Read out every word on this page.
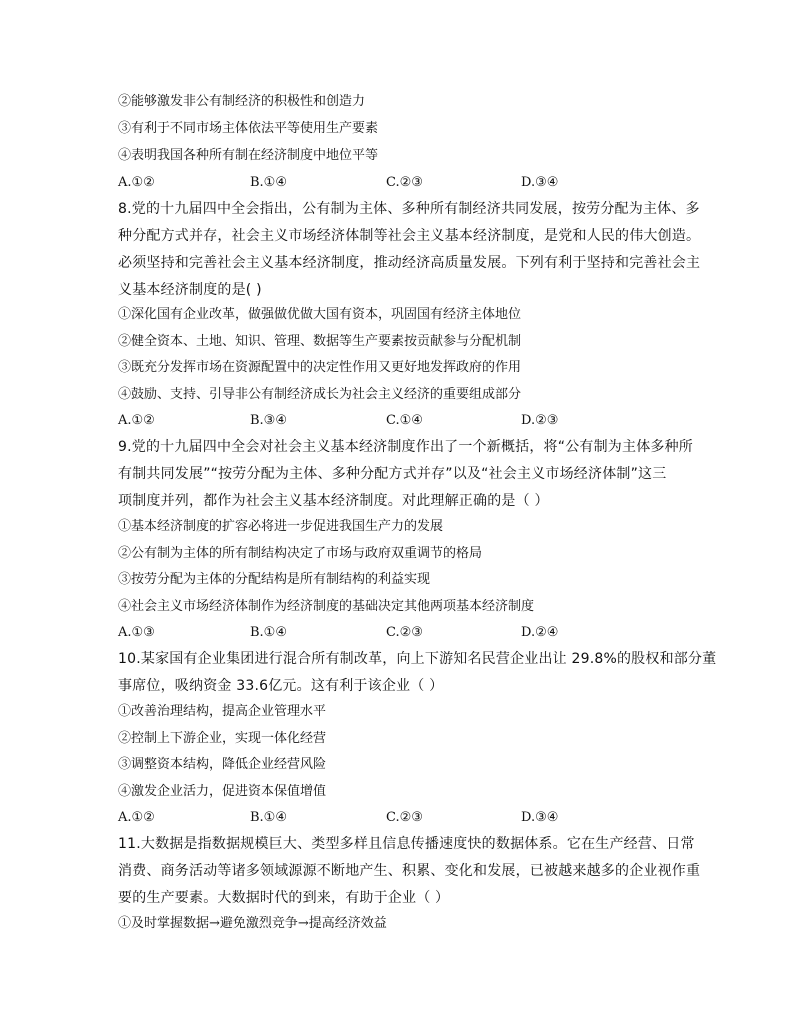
②能够激发非公有制经济的积极性和创造力
③有利于不同市场主体依法平等使用生产要素
④表明我国各种所有制在经济制度中地位平等
A.①②	B.①④	C.②③	D.③④
8.党的十九届四中全会指出，公有制为主体、多种所有制经济共同发展，按劳分配为主体、多
种分配方式并存，社会主义市场经济体制等社会主义基本经济制度，是党和人民的伟大创造。
必须坚持和完善社会主义基本经济制度，推动经济高质量发展。下列有利于坚持和完善社会主
义基本经济制度的是( )
①深化国有企业改革，做强做优做大国有资本，巩固国有经济主体地位
②健全资本、土地、知识、管理、数据等生产要素按贡献参与分配机制
③既充分发挥市场在资源配置中的决定性作用又更好地发挥政府的作用
④鼓励、支持、引导非公有制经济成长为社会主义经济的重要组成部分
A.①②	B.③④	C.①④	D.②③
9.党的十九届四中全会对社会主义基本经济制度作出了一个新概括，将“公有制为主体多种所
有制共同发展”“按劳分配为主体、多种分配方式并存”以及“社会主义市场经济体制”这三
项制度并列，都作为社会主义基本经济制度。对此理解正确的是（ ）
①基本经济制度的扩容必将进一步促进我国生产力的发展
②公有制为主体的所有制结构决定了市场与政府双重调节的格局
③按劳分配为主体的分配结构是所有制结构的利益实现
④社会主义市场经济体制作为经济制度的基础决定其他两项基本经济制度
A.①③	B.①④	C.②③	D.②④
10.某家国有企业集团进行混合所有制改革，向上下游知名民营企业出让 29.8%的股权和部分董
事席位，吸纳资金 33.6亿元。这有利于该企业（ ）
①改善治理结构，提高企业管理水平
②控制上下游企业，实现一体化经营
③调整资本结构，降低企业经营风险
④激发企业活力，促进资本保值增值
A.①②	B.①④	C.②③	D.③④
11.大数据是指数据规模巨大、类型多样且信息传播速度快的数据体系。它在生产经营、日常
消费、商务活动等诸多领域源源不断地产生、积累、变化和发展，已被越来越多的企业视作重
要的生产要素。大数据时代的到来，有助于企业（ ）
①及时掌握数据→避免激烈竞争→提高经济效益
